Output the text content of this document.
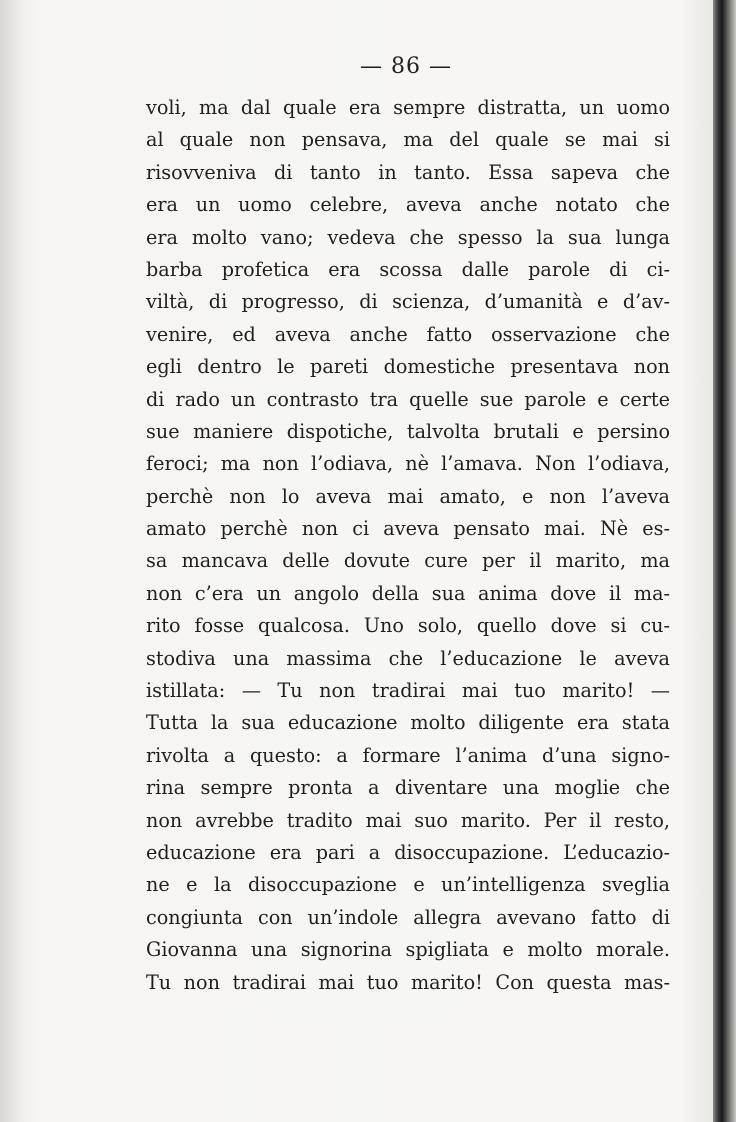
— 86 —
voli, ma dal quale era sempre distratta, un uomo
al quale non pensava, ma del quale se mai si
risovveniva di tanto in tanto. Essa sapeva che
era un uomo celebre, aveva anche notato che
era molto vano; vedeva che spesso la sua lunga
barba profetica era scossa dalle parole di ci-
viltà, di progresso, di scienza, d’umanità e d’av-
venire, ed aveva anche fatto osservazione che
egli dentro le pareti domestiche presentava non
di rado un contrasto tra quelle sue parole e certe
sue maniere dispotiche, talvolta brutali e persino
feroci; ma non l’odiava, nè l’amava. Non l’odiava,
perchè non lo aveva mai amato, e non l’aveva
amato perchè non ci aveva pensato mai. Nè es-
sa mancava delle dovute cure per il marito, ma
non c’era un angolo della sua anima dove il ma-
rito fosse qualcosa. Uno solo, quello dove si cu-
stodiva una massima che l’educazione le aveva
istillata: — Tu non tradirai mai tuo marito! —
Tutta la sua educazione molto diligente era stata
rivolta a questo: a formare l’anima d’una signo-
rina sempre pronta a diventare una moglie che
non avrebbe tradito mai suo marito. Per il resto,
educazione era pari a disoccupazione. L’educazio-
ne e la disoccupazione e un’intelligenza sveglia
congiunta con un’indole allegra avevano fatto di
Giovanna una signorina spigliata e molto morale.
Tu non tradirai mai tuo marito! Con questa mas-
